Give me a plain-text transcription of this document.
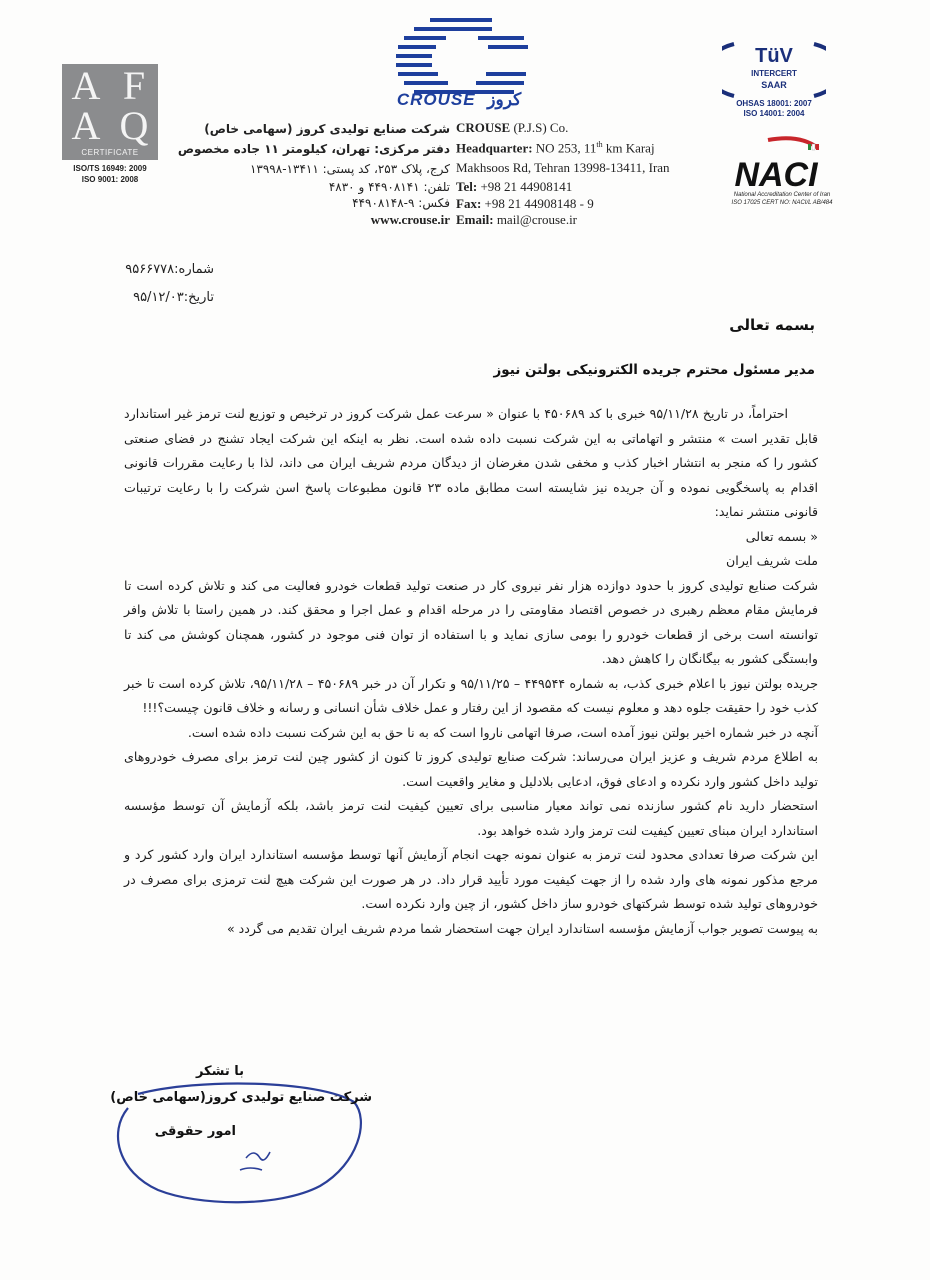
A F
A Q
CERTIFICATE
ISO/TS 16949: 2009
ISO 9001: 2008
CROUSE کروز
شرکت صنایع تولیدی کروز (سهامی خاص)
دفتر مرکزی: تهران، کیلومتر ۱۱ جاده مخصوص
کرج، پلاک ۲۵۳، کد پستی: ۱۳۴۱۱-۱۳۹۹۸
تلفن: ۴۴۹۰۸۱۴۱ و ۴۸۳۰
فکس: ۹-۴۴۹۰۸۱۴۸
www.crouse.ir
CROUSE (P.J.S) Co.
Headquarter: NO 253, 11th km Karaj
Makhsoos Rd, Tehran 13998-13411, Iran
Tel: +98 21 44908141
Fax: +98 21 44908148 - 9
Email: mail@crouse.ir
TüV
INTERCERT
SAAR
OHSAS 18001: 2007
ISO 14001: 2004
NACI
National Accreditation Center of Iran
ISO 17025 CERT NO: NACI/L AB/484
شماره:۹۵۶۶۷۷۸
تاریخ:۹۵/۱۲/۰۳
بسمه تعالی
مدیر مسئول محترم جریده الکترونیکی بولتن نیوز

احتراماً، در تاریخ ۹۵/۱۱/۲۸ خبری با کد ۴۵۰۶۸۹ با عنوان « سرعت عمل شرکت کروز در ترخیص و توزیع لنت ترمز غیر استاندارد قابل تقدیر است » منتشر و اتهاماتی به این شرکت نسبت داده شده است. نظر به اینکه این شرکت ایجاد تشنج در فضای صنعتی کشور را که منجر به انتشار اخبار کذب و مخفی شدن مغرضان از دیدگان مردم شریف ایران می داند، لذا با رعایت مقررات قانونی اقدام به پاسخگویی نموده و آن جریده نیز شایسته است مطابق ماده ۲۳ قانون مطبوعات پاسخ اسن شرکت را با رعایت ترتیبات قانونی منتشر نماید:

« بسمه تعالی

ملت شریف ایران

شرکت صنایع تولیدی کروز با حدود دوازده هزار نفر نیروی کار در صنعت تولید قطعات خودرو فعالیت می کند و تلاش کرده است تا فرمایش مقام معظم رهبری در خصوص اقتصاد مقاومتی را در مرحله اقدام و عمل اجرا و محقق کند. در همین راستا با تلاش وافر توانسته است برخی از قطعات خودرو را بومی سازی نماید و با استفاده از توان فنی موجود در کشور، همچنان کوشش می کند تا وابستگی کشور به بیگانگان را کاهش دهد.

جریده بولتن نیوز با اعلام خبری کذب، به شماره ۴۴۹۵۴۴ – ۹۵/۱۱/۲۵ و تکرار آن در خبر ۴۵۰۶۸۹ – ۹۵/۱۱/۲۸، تلاش کرده است تا خبر کذب خود را حقیقت جلوه دهد و معلوم نیست که مقصود از این رفتار و عمل خلاف شأن انسانی و رسانه و خلاف قانون چیست؟!!!

آنچه در خبر شماره اخیر بولتن نیوز آمده است، صرفا اتهامی ناروا است که به نا حق به این شرکت نسبت داده شده است.

به اطلاع مردم شریف و عزیز ایران می‌رساند: شرکت صنایع تولیدی کروز تا کنون از کشور چین لنت ترمز برای مصرف خودروهای تولید داخل کشور وارد نکرده و ادعای فوق، ادعایی بلادلیل و مغایر واقعیت است.

استحضار دارید نام کشور سازنده نمی تواند معیار مناسبی برای تعیین کیفیت لنت ترمز باشد، بلکه آزمایش آن توسط مؤسسه استاندارد ایران مبنای تعیین کیفیت لنت ترمز وارد شده خواهد بود.

این شرکت صرفا تعدادی محدود لنت ترمز به عنوان نمونه جهت انجام آزمایش آنها توسط مؤسسه استاندارد ایران وارد کشور کرد و مرجع مذکور نمونه های وارد شده را از جهت کیفیت مورد تأیید قرار داد. در هر صورت این شرکت هیچ لنت ترمزی برای مصرف در خودروهای تولید شده توسط شرکتهای خودرو ساز داخل کشور، از چین وارد نکرده است.

به پیوست تصویر جواب آزمایش مؤسسه استاندارد ایران جهت استحضار شما مردم شریف ایران تقدیم می گردد »

با تشکر
شرکت صنایع تولیدی کروز(سهامی خاص)
امور حقوقی
